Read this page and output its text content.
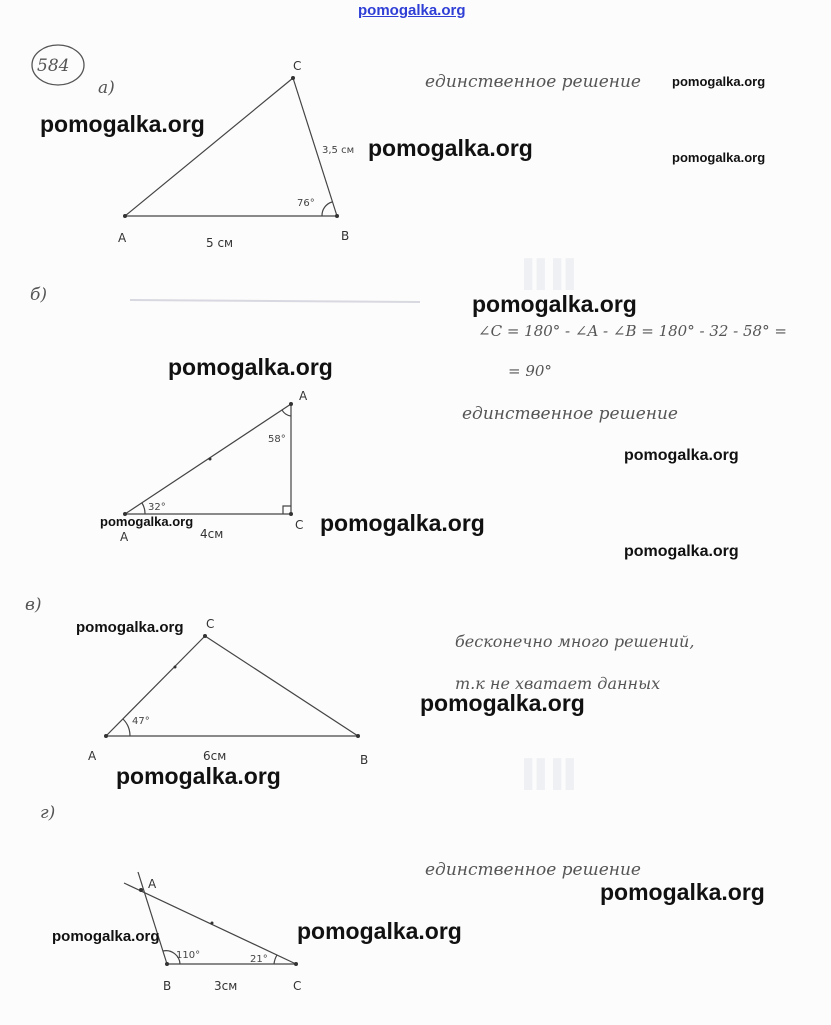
ⅡⅡ
ⅡⅡ
584
а)
б)
в)
г)
A	B
C
5 см
3,5 см
76°
A
A
C
32°
58°
4см
A	B
C
47°
6см
A
B	C
110°	21°
3см
единственное решение
∠C = 180° - ∠A - ∠B = 180° - 32 - 58° =
= 90°
единственное решение
бесконечно много решений,
т.к не хватает данных
единственное решение
pomogalka.org
pomogalka.org
pomogalka.org
pomogalka.org	pomogalka.org
pomogalka.org
pomogalka.org
pomogalka.org
pomogalka.org	pomogalka.org
pomogalka.org
pomogalka.org
pomogalka.org
pomogalka.org
pomogalka.org
pomogalka.org
pomogalka.org
